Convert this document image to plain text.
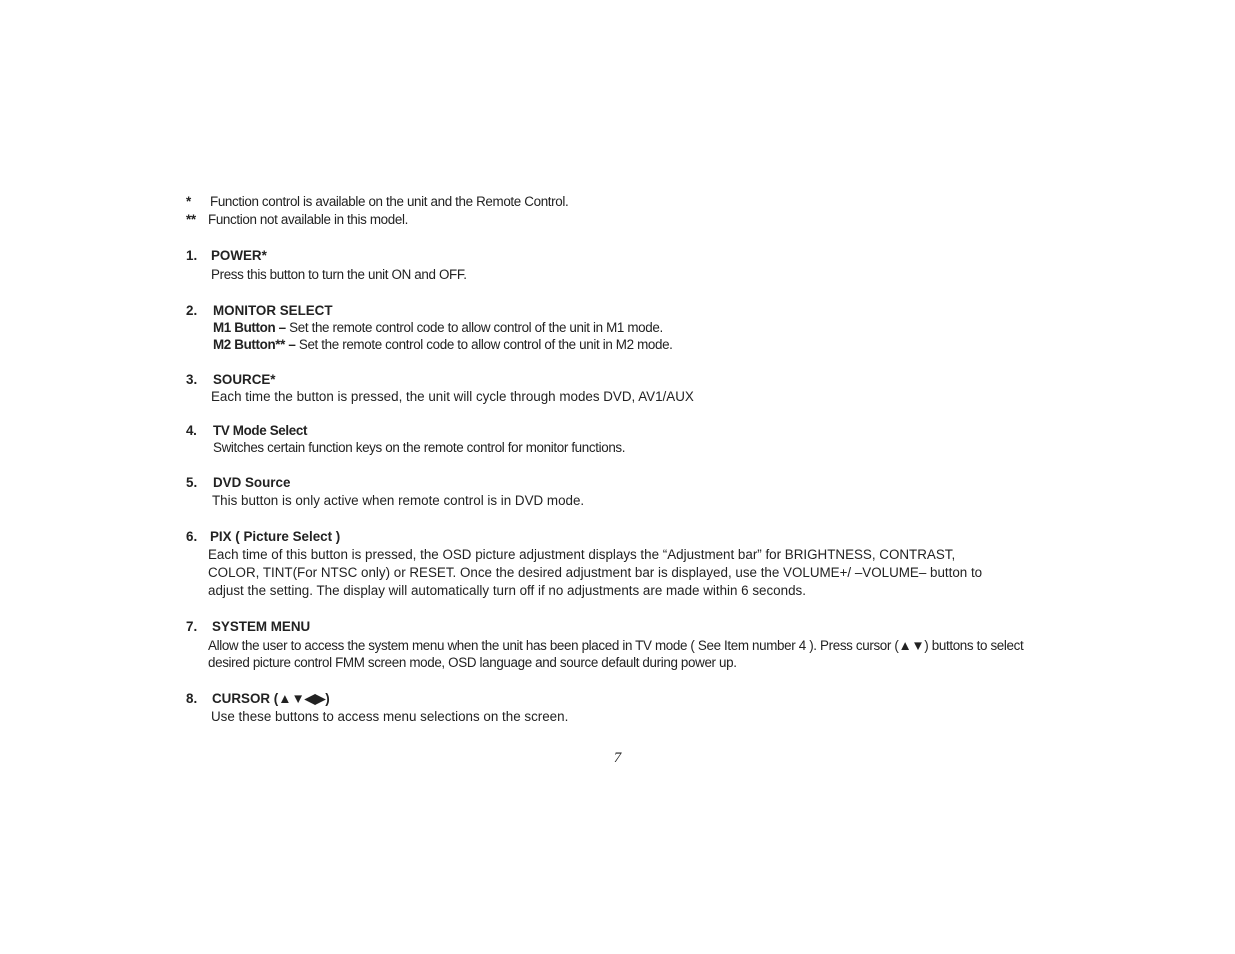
* Function control is available on the unit and the Remote Control.
** Function not available in this model.
1. POWER*
Press this button to turn the unit ON and OFF.
2. MONITOR SELECT
M1 Button – Set the remote control code to allow control of the unit in M1 mode.
M2 Button** – Set the remote control code to allow control of the unit in M2 mode.
3. SOURCE*
Each time the button is pressed, the unit will cycle through modes DVD, AV1/AUX
4. TV Mode Select
Switches certain function keys on the remote control for monitor functions.
5. DVD Source
This button is only active when remote control is in DVD mode.
6. PIX ( Picture Select )
Each time of this button is pressed, the OSD picture adjustment displays the “Adjustment bar” for BRIGHTNESS, CONTRAST,
COLOR, TINT(For NTSC only) or RESET. Once the desired adjustment bar is displayed, use the VOLUME+/ –VOLUME– button to
adjust the setting. The display will automatically turn off if no adjustments are made within 6 seconds.
7. SYSTEM MENU
Allow the user to access the system menu when the unit has been placed in TV mode ( See Item number 4 ). Press cursor (▲▼) buttons to select
desired picture control FMM screen mode, OSD language and source default during power up.
8. CURSOR (▲▼◀▶)
Use these buttons to access menu selections on the screen.
7
